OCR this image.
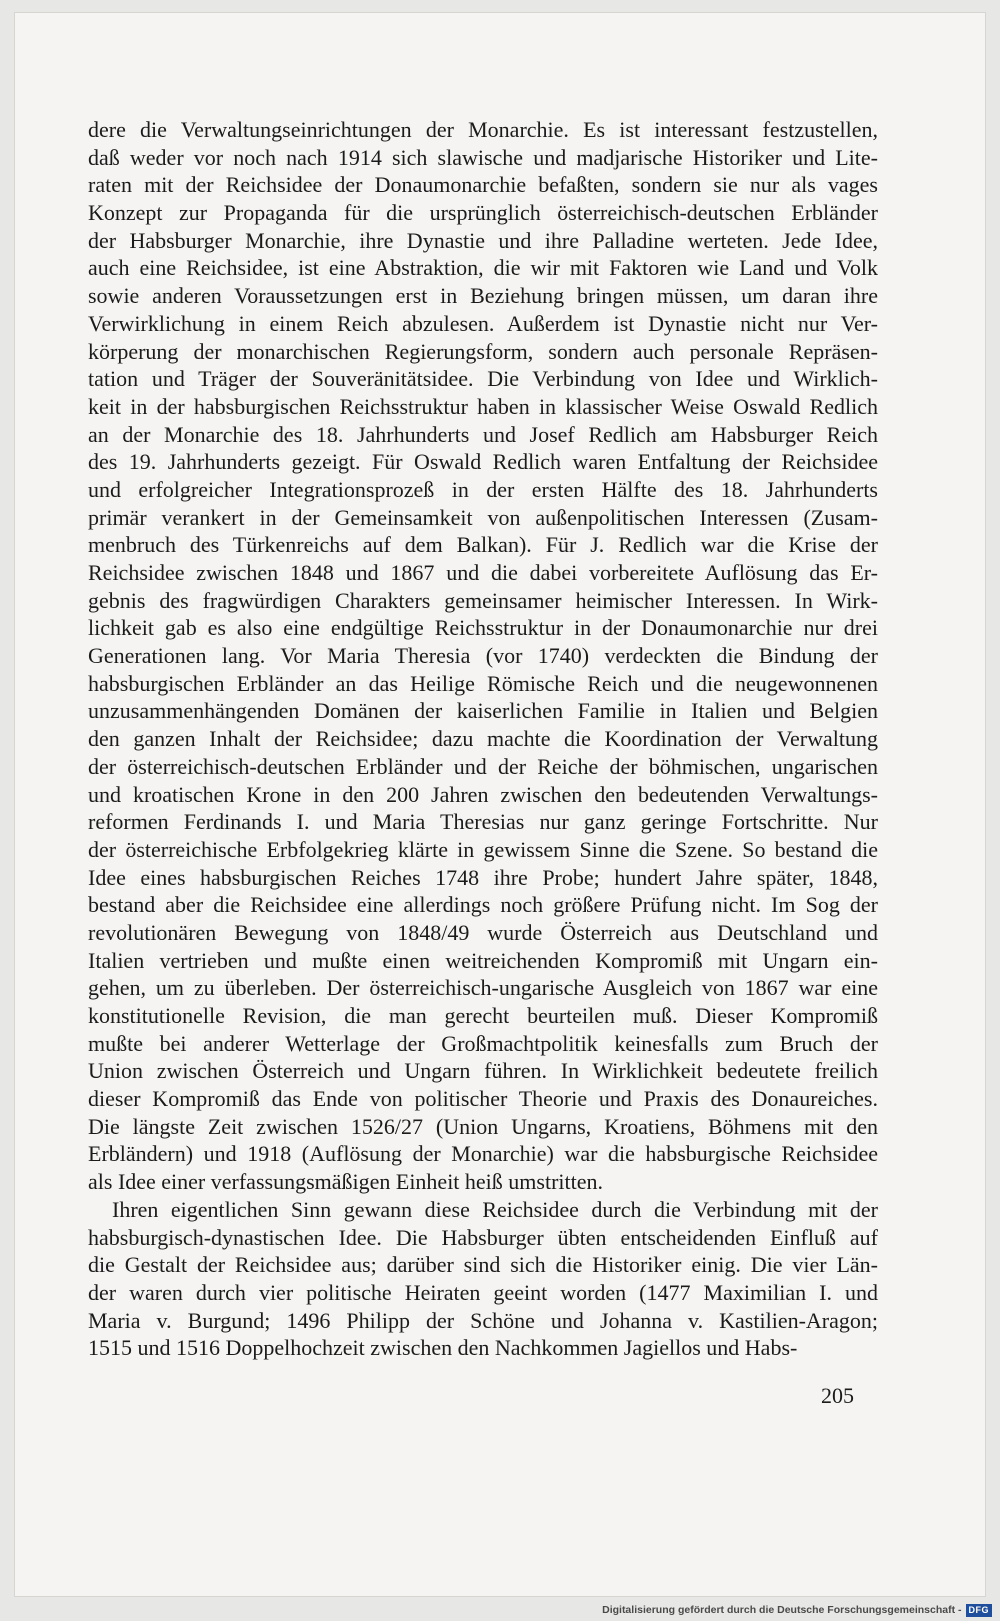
dere die Verwaltungseinrichtungen der Monarchie. Es ist interessant festzustellen,
daß weder vor noch nach 1914 sich slawische und madjarische Historiker und Lite-
raten mit der Reichsidee der Donaumonarchie befaßten, sondern sie nur als vages
Konzept zur Propaganda für die ursprünglich österreichisch-deutschen Erbländer
der Habsburger Monarchie, ihre Dynastie und ihre Palladine werteten. Jede Idee,
auch eine Reichsidee, ist eine Abstraktion, die wir mit Faktoren wie Land und Volk
sowie anderen Voraussetzungen erst in Beziehung bringen müssen, um daran ihre
Verwirklichung in einem Reich abzulesen. Außerdem ist Dynastie nicht nur Ver-
körperung der monarchischen Regierungsform, sondern auch personale Repräsen-
tation und Träger der Souveränitätsidee. Die Verbindung von Idee und Wirklich-
keit in der habsburgischen Reichsstruktur haben in klassischer Weise Oswald Redlich
an der Monarchie des 18. Jahrhunderts und Josef Redlich am Habsburger Reich
des 19. Jahrhunderts gezeigt. Für Oswald Redlich waren Entfaltung der Reichsidee
und erfolgreicher Integrationsprozeß in der ersten Hälfte des 18. Jahrhunderts
primär verankert in der Gemeinsamkeit von außenpolitischen Interessen (Zusam-
menbruch des Türkenreichs auf dem Balkan). Für J. Redlich war die Krise der
Reichsidee zwischen 1848 und 1867 und die dabei vorbereitete Auflösung das Er-
gebnis des fragwürdigen Charakters gemeinsamer heimischer Interessen. In Wirk-
lichkeit gab es also eine endgültige Reichsstruktur in der Donaumonarchie nur drei
Generationen lang. Vor Maria Theresia (vor 1740) verdeckten die Bindung der
habsburgischen Erbländer an das Heilige Römische Reich und die neugewonnenen
unzusammenhängenden Domänen der kaiserlichen Familie in Italien und Belgien
den ganzen Inhalt der Reichsidee; dazu machte die Koordination der Verwaltung
der österreichisch-deutschen Erbländer und der Reiche der böhmischen, ungarischen
und kroatischen Krone in den 200 Jahren zwischen den bedeutenden Verwaltungs-
reformen Ferdinands I. und Maria Theresias nur ganz geringe Fortschritte. Nur
der österreichische Erbfolgekrieg klärte in gewissem Sinne die Szene. So bestand die
Idee eines habsburgischen Reiches 1748 ihre Probe; hundert Jahre später, 1848,
bestand aber die Reichsidee eine allerdings noch größere Prüfung nicht. Im Sog der
revolutionären Bewegung von 1848/49 wurde Österreich aus Deutschland und
Italien vertrieben und mußte einen weitreichenden Kompromiß mit Ungarn ein-
gehen, um zu überleben. Der österreichisch-ungarische Ausgleich von 1867 war eine
konstitutionelle Revision, die man gerecht beurteilen muß. Dieser Kompromiß
mußte bei anderer Wetterlage der Großmachtpolitik keinesfalls zum Bruch der
Union zwischen Österreich und Ungarn führen. In Wirklichkeit bedeutete freilich
dieser Kompromiß das Ende von politischer Theorie und Praxis des Donaureiches.
Die längste Zeit zwischen 1526/27 (Union Ungarns, Kroatiens, Böhmens mit den
Erbländern) und 1918 (Auflösung der Monarchie) war die habsburgische Reichsidee
als Idee einer verfassungsmäßigen Einheit heiß umstritten.
Ihren eigentlichen Sinn gewann diese Reichsidee durch die Verbindung mit der
habsburgisch-dynastischen Idee. Die Habsburger übten entscheidenden Einfluß auf
die Gestalt der Reichsidee aus; darüber sind sich die Historiker einig. Die vier Län-
der waren durch vier politische Heiraten geeint worden (1477 Maximilian I. und
Maria v. Burgund; 1496 Philipp der Schöne und Johanna v. Kastilien-Aragon;
1515 und 1516 Doppelhochzeit zwischen den Nachkommen Jagiellos und Habs-
205
Digitalisierung gefördert durch die Deutsche Forschungsgemeinschaft - DFG
